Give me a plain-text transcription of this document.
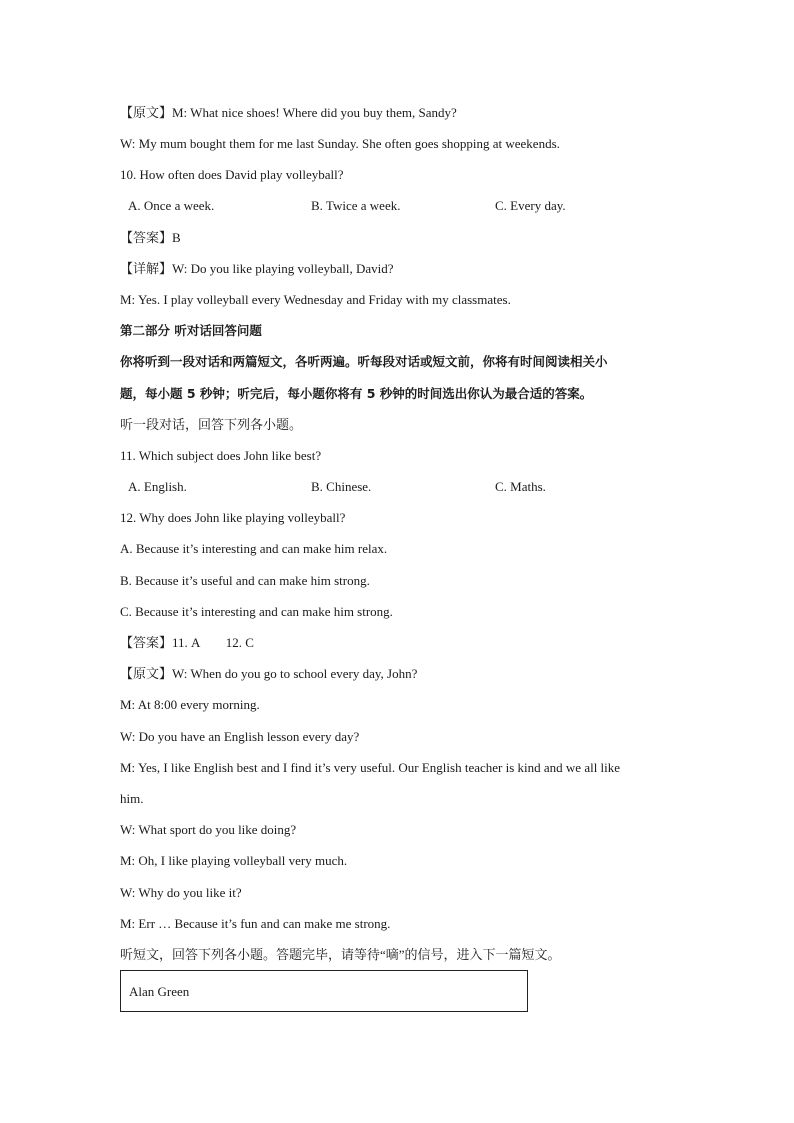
【原文】M: What nice shoes! Where did you buy them, Sandy?
W: My mum bought them for me last Sunday. She often goes shopping at weekends.
10. How often does David play volleyball?
A. Once a week.	B. Twice a week.	C. Every day.
【答案】B
【详解】W: Do you like playing volleyball, David?
M: Yes. I play volleyball every Wednesday and Friday with my classmates.
第二部分 听对话回答问题
你将听到一段对话和两篇短文，各听两遍。听每段对话或短文前，你将有时间阅读相关小
题，每小题 5 秒钟；听完后，每小题你将有 5 秒钟的时间选出你认为最合适的答案。
听一段对话，回答下列各小题。
11. Which subject does John like best?
A. English.	B. Chinese.	C. Maths.
12. Why does John like playing volleyball?
A. Because it’s interesting and can make him relax.
B. Because it’s useful and can make him strong.
C. Because it’s interesting and can make him strong.
【答案】11. A        12. C
【原文】W: When do you go to school every day, John?
M: At 8:00 every morning.
W: Do you have an English lesson every day?
M: Yes, I like English best and I find it’s very useful. Our English teacher is kind and we all like
him.
W: What sport do you like doing?
M: Oh, I like playing volleyball very much.
W: Why do you like it?
M: Err … Because it’s fun and can make me strong.
听短文，回答下列各小题。答题完毕，请等待“嘀”的信号，进入下一篇短文。
Alan Green
